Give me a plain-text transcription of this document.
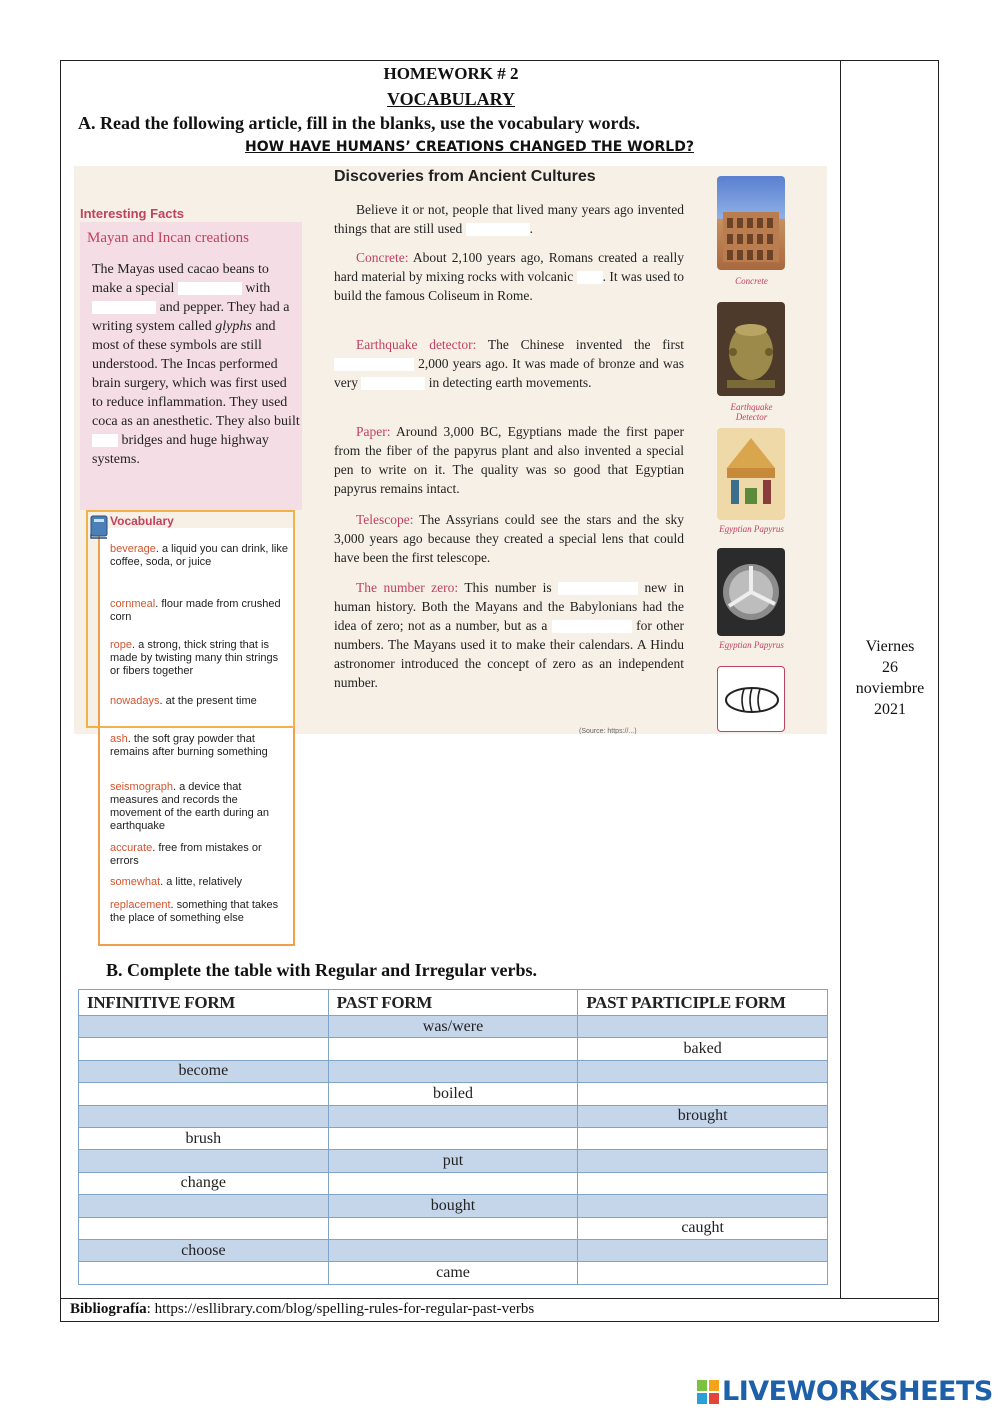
HOMEWORK # 2
VOCABULARY
A. Read the following article, fill in the blanks, use the vocabulary words.
HOW HAVE HUMANS’ CREATIONS CHANGED THE WORLD?
Interesting Facts
Mayan and Incan creations
The Mayas used cacao beans to make a special	with  and pepper. They had a writing system called glyphs and most of these symbols are still understood. The Incas performed brain surgery, which was first used to reduce inflammation. They used coca as an anesthetic. They also built  bridges and huge highway systems.
Discoveries from Ancient Cultures
Believe it or not, people that lived many years ago invented things that are still used	.
Concrete: About 2,100 years ago, Romans created a really hard material by mixing rocks with volcanic . It was used to build the famous Coliseum in Rome.
Earthquake detector: The Chinese invented the first  2,000 years ago. It was made of bronze and was very	in detecting earth movements.
Paper: Around 3,000 BC, Egyptians made the first paper from the fiber of the papyrus plant and also invented a special pen to write on it. The quality was so good that Egyptian papyrus remains intact.
Telescope: The Assyrians could see the stars and the sky 3,000 years ago because they created a special lens that could have been the first telescope.
The number zero: This number is	new in human history. Both the Mayans and the Babylonians had the idea of zero; not as a number, but as a	for other numbers. The Mayans used it to make their calendars. A Hindu astronomer introduced the concept of zero as an independent number.
Concrete
Earthquake Detector
Egyptian Papyrus
Egyptian Papyrus
(Source: https://...)
Vocabulary
beverage. a liquid you can drink, like coffee, soda, or juice
cornmeal. flour made from crushed corn
rope. a strong, thick string that is made by twisting many thin strings or fibers together
nowadays. at the present time
ash. the soft gray powder that remains after burning something
seismograph. a device that measures and records the movement of the earth during an earthquake
accurate. free from mistakes or errors
somewhat. a litte, relatively
replacement. something that takes the place of something else
Viernes
26
noviembre
2021
B. Complete the table with Regular and Irregular verbs.
INFINITIVE FORM	PAST FORM	PAST PARTICIPLE FORM
	was/were	
		baked
become		
	boiled	
		brought
brush		
	put	
change		
	bought	
		caught
choose		
	came	
Bibliografía: https://esllibrary.com/blog/spelling-rules-for-regular-past-verbs
LIVEWORKSHEETS
